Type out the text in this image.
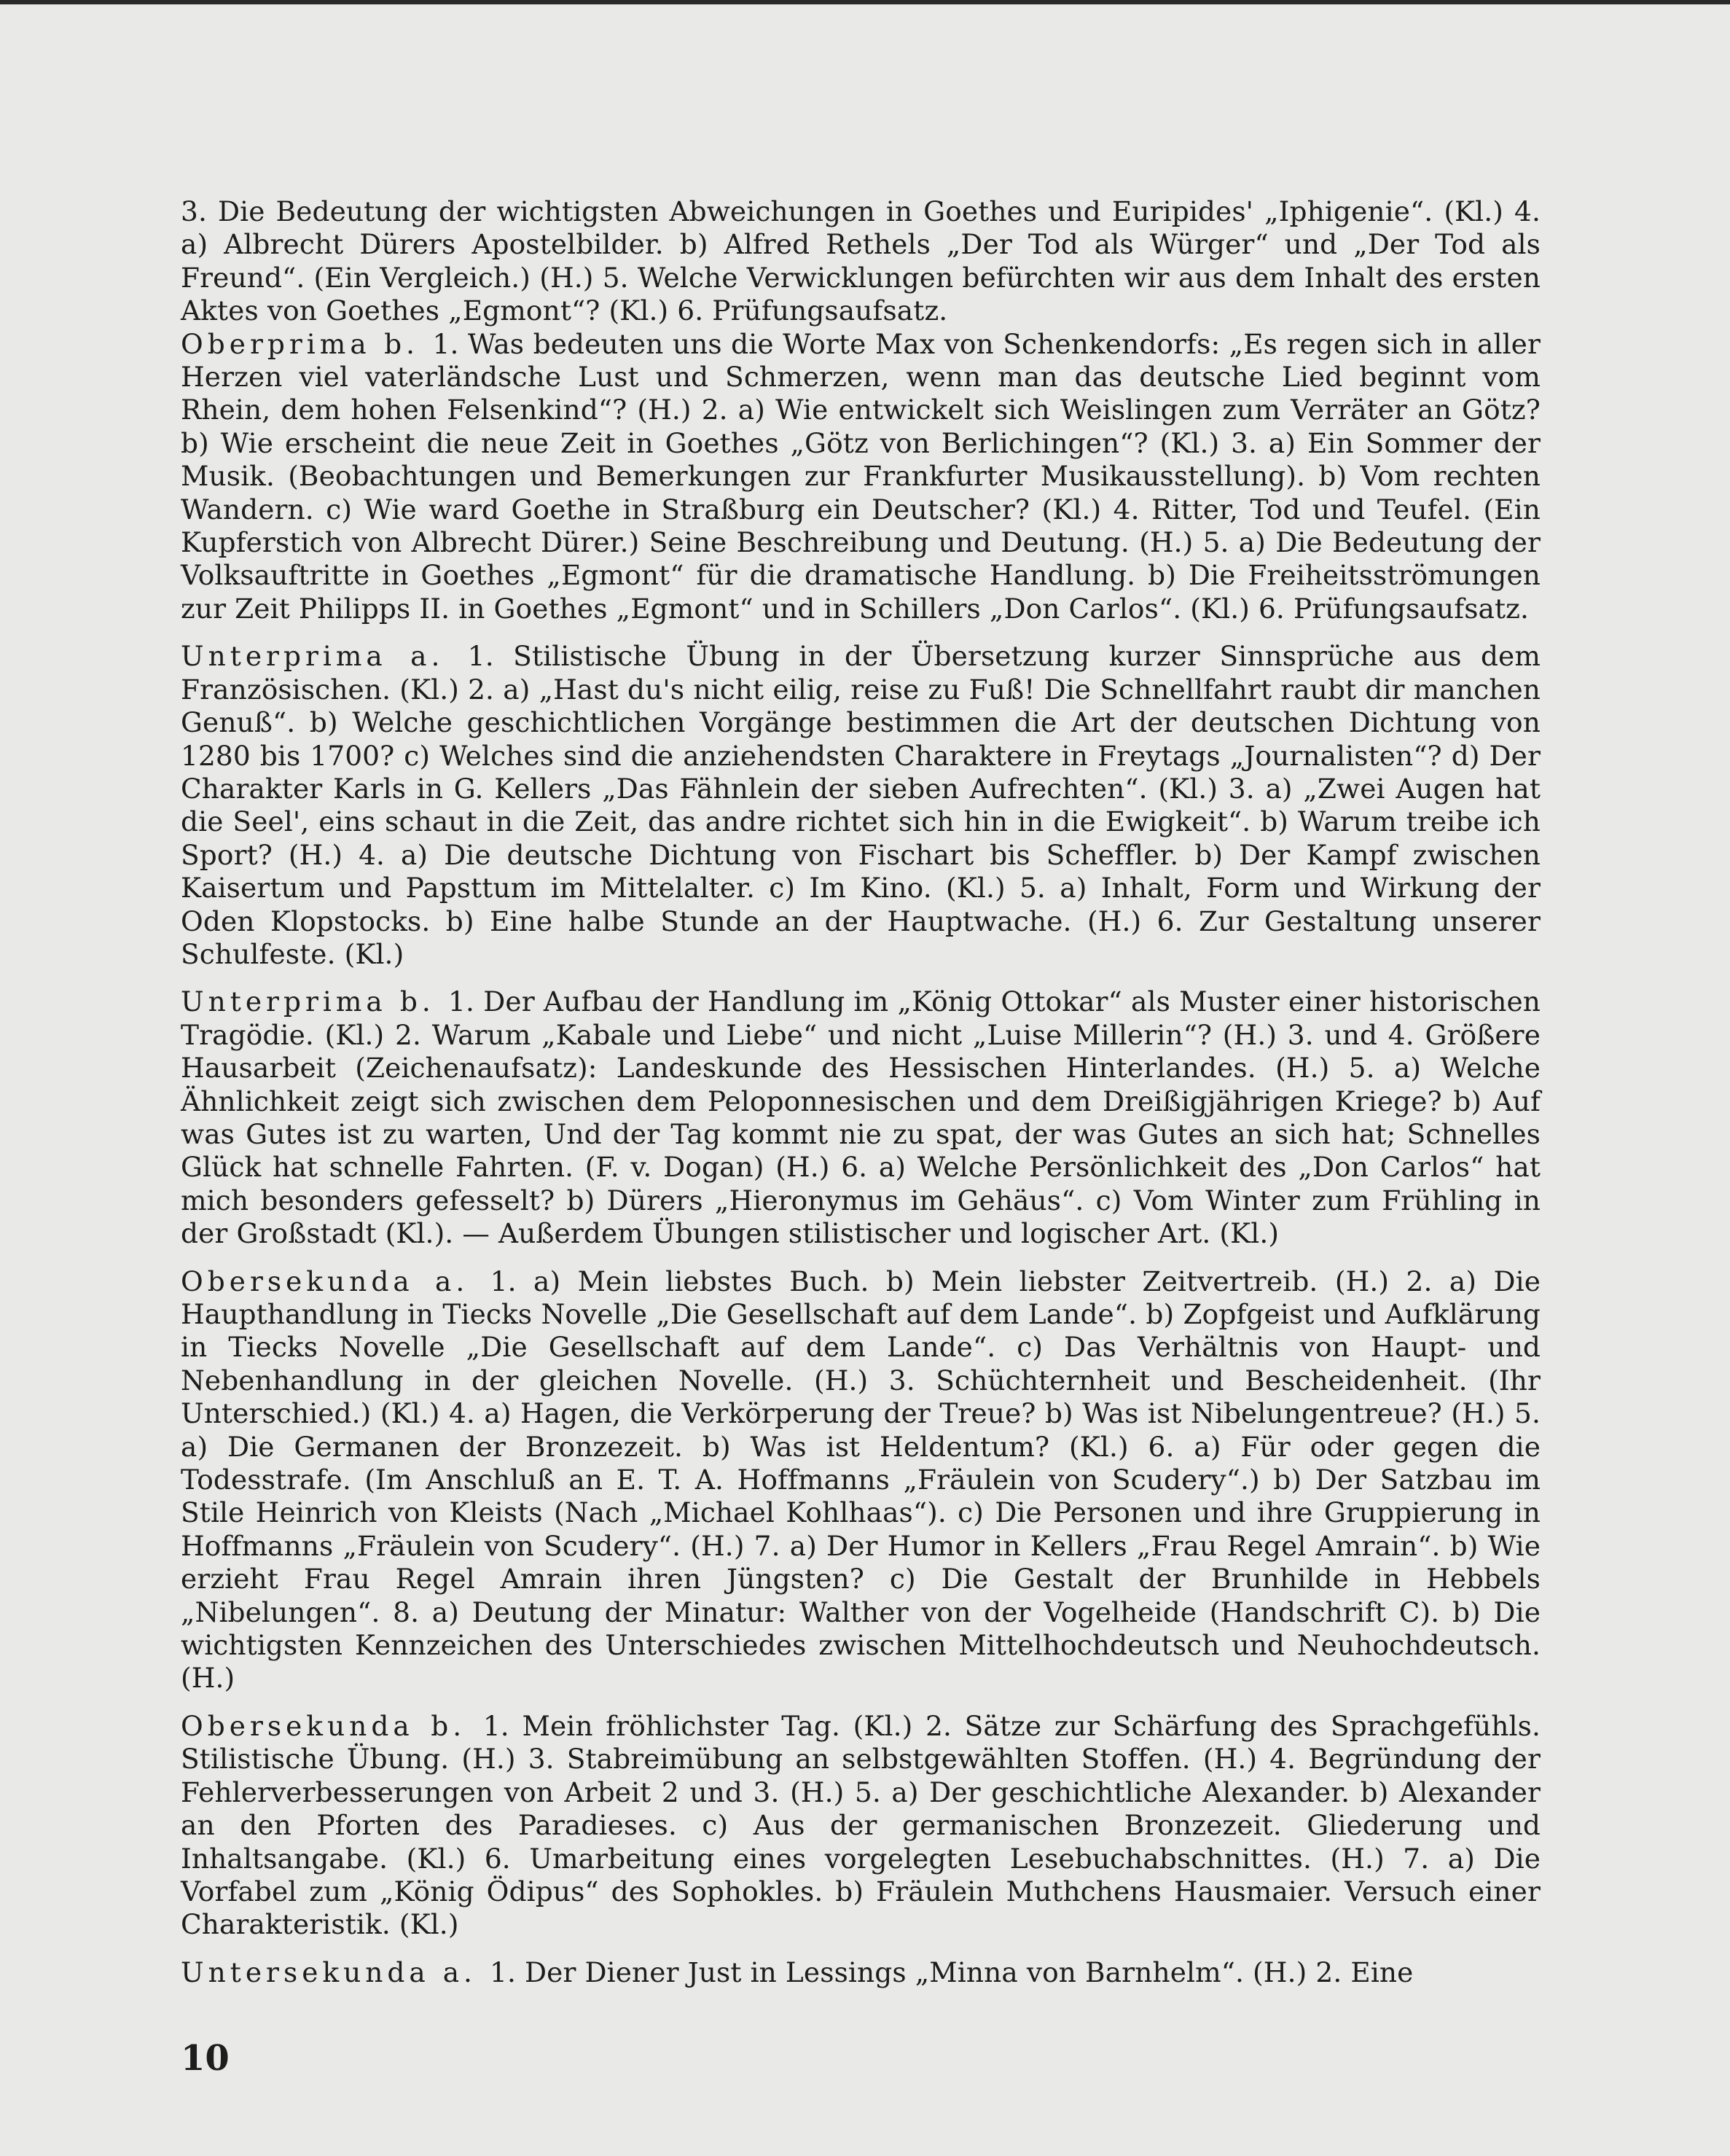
3. Die Bedeutung der wichtigsten Abweichungen in Goethes und Euripides' „Iphigenie“. (Kl.) 4. a) Albrecht Dürers Apostelbilder. b) Alfred Rethels „Der Tod als Würger“ und „Der Tod als Freund“. (Ein Vergleich.) (H.) 5. Welche Verwicklungen befürchten wir aus dem Inhalt des ersten Aktes von Goethes „Egmont“? (Kl.) 6. Prüfungsaufsatz.

Oberprima b. 1. Was bedeuten uns die Worte Max von Schenkendorfs: „Es regen sich in aller Herzen viel vaterländsche Lust und Schmerzen, wenn man das deutsche Lied beginnt vom Rhein, dem hohen Felsenkind“? (H.) 2. a) Wie entwickelt sich Weislingen zum Verräter an Götz? b) Wie erscheint die neue Zeit in Goethes „Götz von Berlichingen“? (Kl.) 3. a) Ein Sommer der Musik. (Beobachtungen und Bemerkungen zur Frankfurter Musikausstellung). b) Vom rechten Wandern. c) Wie ward Goethe in Straßburg ein Deutscher? (Kl.) 4. Ritter, Tod und Teufel. (Ein Kupferstich von Albrecht Dürer.) Seine Beschreibung und Deutung. (H.) 5. a) Die Bedeutung der Volksauftritte in Goethes „Egmont“ für die dramatische Handlung. b) Die Freiheitsströmungen zur Zeit Philipps II. in Goethes „Egmont“ und in Schillers „Don Carlos“. (Kl.) 6. Prüfungsaufsatz.

Unterprima a. 1. Stilistische Übung in der Übersetzung kurzer Sinnsprüche aus dem Französischen. (Kl.) 2. a) „Hast du's nicht eilig, reise zu Fuß! Die Schnellfahrt raubt dir manchen Genuß“. b) Welche geschichtlichen Vorgänge bestimmen die Art der deutschen Dichtung von 1280 bis 1700? c) Welches sind die anziehendsten Charaktere in Freytags „Journalisten“? d) Der Charakter Karls in G. Kellers „Das Fähnlein der sieben Aufrechten“. (Kl.) 3. a) „Zwei Augen hat die Seel', eins schaut in die Zeit, das andre richtet sich hin in die Ewigkeit“. b) Warum treibe ich Sport? (H.) 4. a) Die deutsche Dichtung von Fischart bis Scheffler. b) Der Kampf zwischen Kaisertum und Papsttum im Mittelalter. c) Im Kino. (Kl.) 5. a) Inhalt, Form und Wirkung der Oden Klopstocks. b) Eine halbe Stunde an der Hauptwache. (H.) 6. Zur Gestaltung unserer Schulfeste. (Kl.)

Unterprima b. 1. Der Aufbau der Handlung im „König Ottokar“ als Muster einer historischen Tragödie. (Kl.) 2. Warum „Kabale und Liebe“ und nicht „Luise Millerin“? (H.) 3. und 4. Größere Hausarbeit (Zeichenaufsatz): Landeskunde des Hessischen Hinterlandes. (H.) 5. a) Welche Ähnlichkeit zeigt sich zwischen dem Peloponnesischen und dem Dreißigjährigen Kriege? b) Auf was Gutes ist zu warten, Und der Tag kommt nie zu spat, der was Gutes an sich hat; Schnelles Glück hat schnelle Fahrten. (F. v. Dogan) (H.) 6. a) Welche Persönlichkeit des „Don Carlos“ hat mich besonders gefesselt? b) Dürers „Hieronymus im Gehäus“. c) Vom Winter zum Frühling in der Großstadt (Kl.). — Außerdem Übungen stilistischer und logischer Art. (Kl.)

Obersekunda a. 1. a) Mein liebstes Buch. b) Mein liebster Zeitvertreib. (H.) 2. a) Die Haupthandlung in Tiecks Novelle „Die Gesellschaft auf dem Lande“. b) Zopfgeist und Aufklärung in Tiecks Novelle „Die Gesellschaft auf dem Lande“. c) Das Verhältnis von Haupt- und Nebenhandlung in der gleichen Novelle. (H.) 3. Schüchternheit und Bescheidenheit. (Ihr Unterschied.) (Kl.) 4. a) Hagen, die Verkörperung der Treue? b) Was ist Nibelungentreue? (H.) 5. a) Die Germanen der Bronzezeit. b) Was ist Heldentum? (Kl.) 6. a) Für oder gegen die Todesstrafe. (Im Anschluß an E. T. A. Hoffmanns „Fräulein von Scudery“.) b) Der Satzbau im Stile Heinrich von Kleists (Nach „Michael Kohlhaas“). c) Die Personen und ihre Gruppierung in Hoffmanns „Fräulein von Scudery“. (H.) 7. a) Der Humor in Kellers „Frau Regel Amrain“. b) Wie erzieht Frau Regel Amrain ihren Jüngsten? c) Die Gestalt der Brunhilde in Hebbels „Nibelungen“. 8. a) Deutung der Minatur: Walther von der Vogelheide (Handschrift C). b) Die wichtigsten Kennzeichen des Unterschiedes zwischen Mittelhochdeutsch und Neuhochdeutsch. (H.)

Obersekunda b. 1. Mein fröhlichster Tag. (Kl.) 2. Sätze zur Schärfung des Sprachgefühls. Stilistische Übung. (H.) 3. Stabreimübung an selbstgewählten Stoffen. (H.) 4. Begründung der Fehlerverbesserungen von Arbeit 2 und 3. (H.) 5. a) Der geschichtliche Alexander. b) Alexander an den Pforten des Paradieses. c) Aus der germanischen Bronzezeit. Gliederung und Inhaltsangabe. (Kl.) 6. Umarbeitung eines vorgelegten Lesebuchabschnittes. (H.) 7. a) Die Vorfabel zum „König Ödipus“ des Sophokles. b) Fräulein Muthchens Hausmaier. Versuch einer Charakteristik. (Kl.)

Untersekunda a. 1. Der Diener Just in Lessings „Minna von Barnhelm“. (H.) 2. Eine

10
